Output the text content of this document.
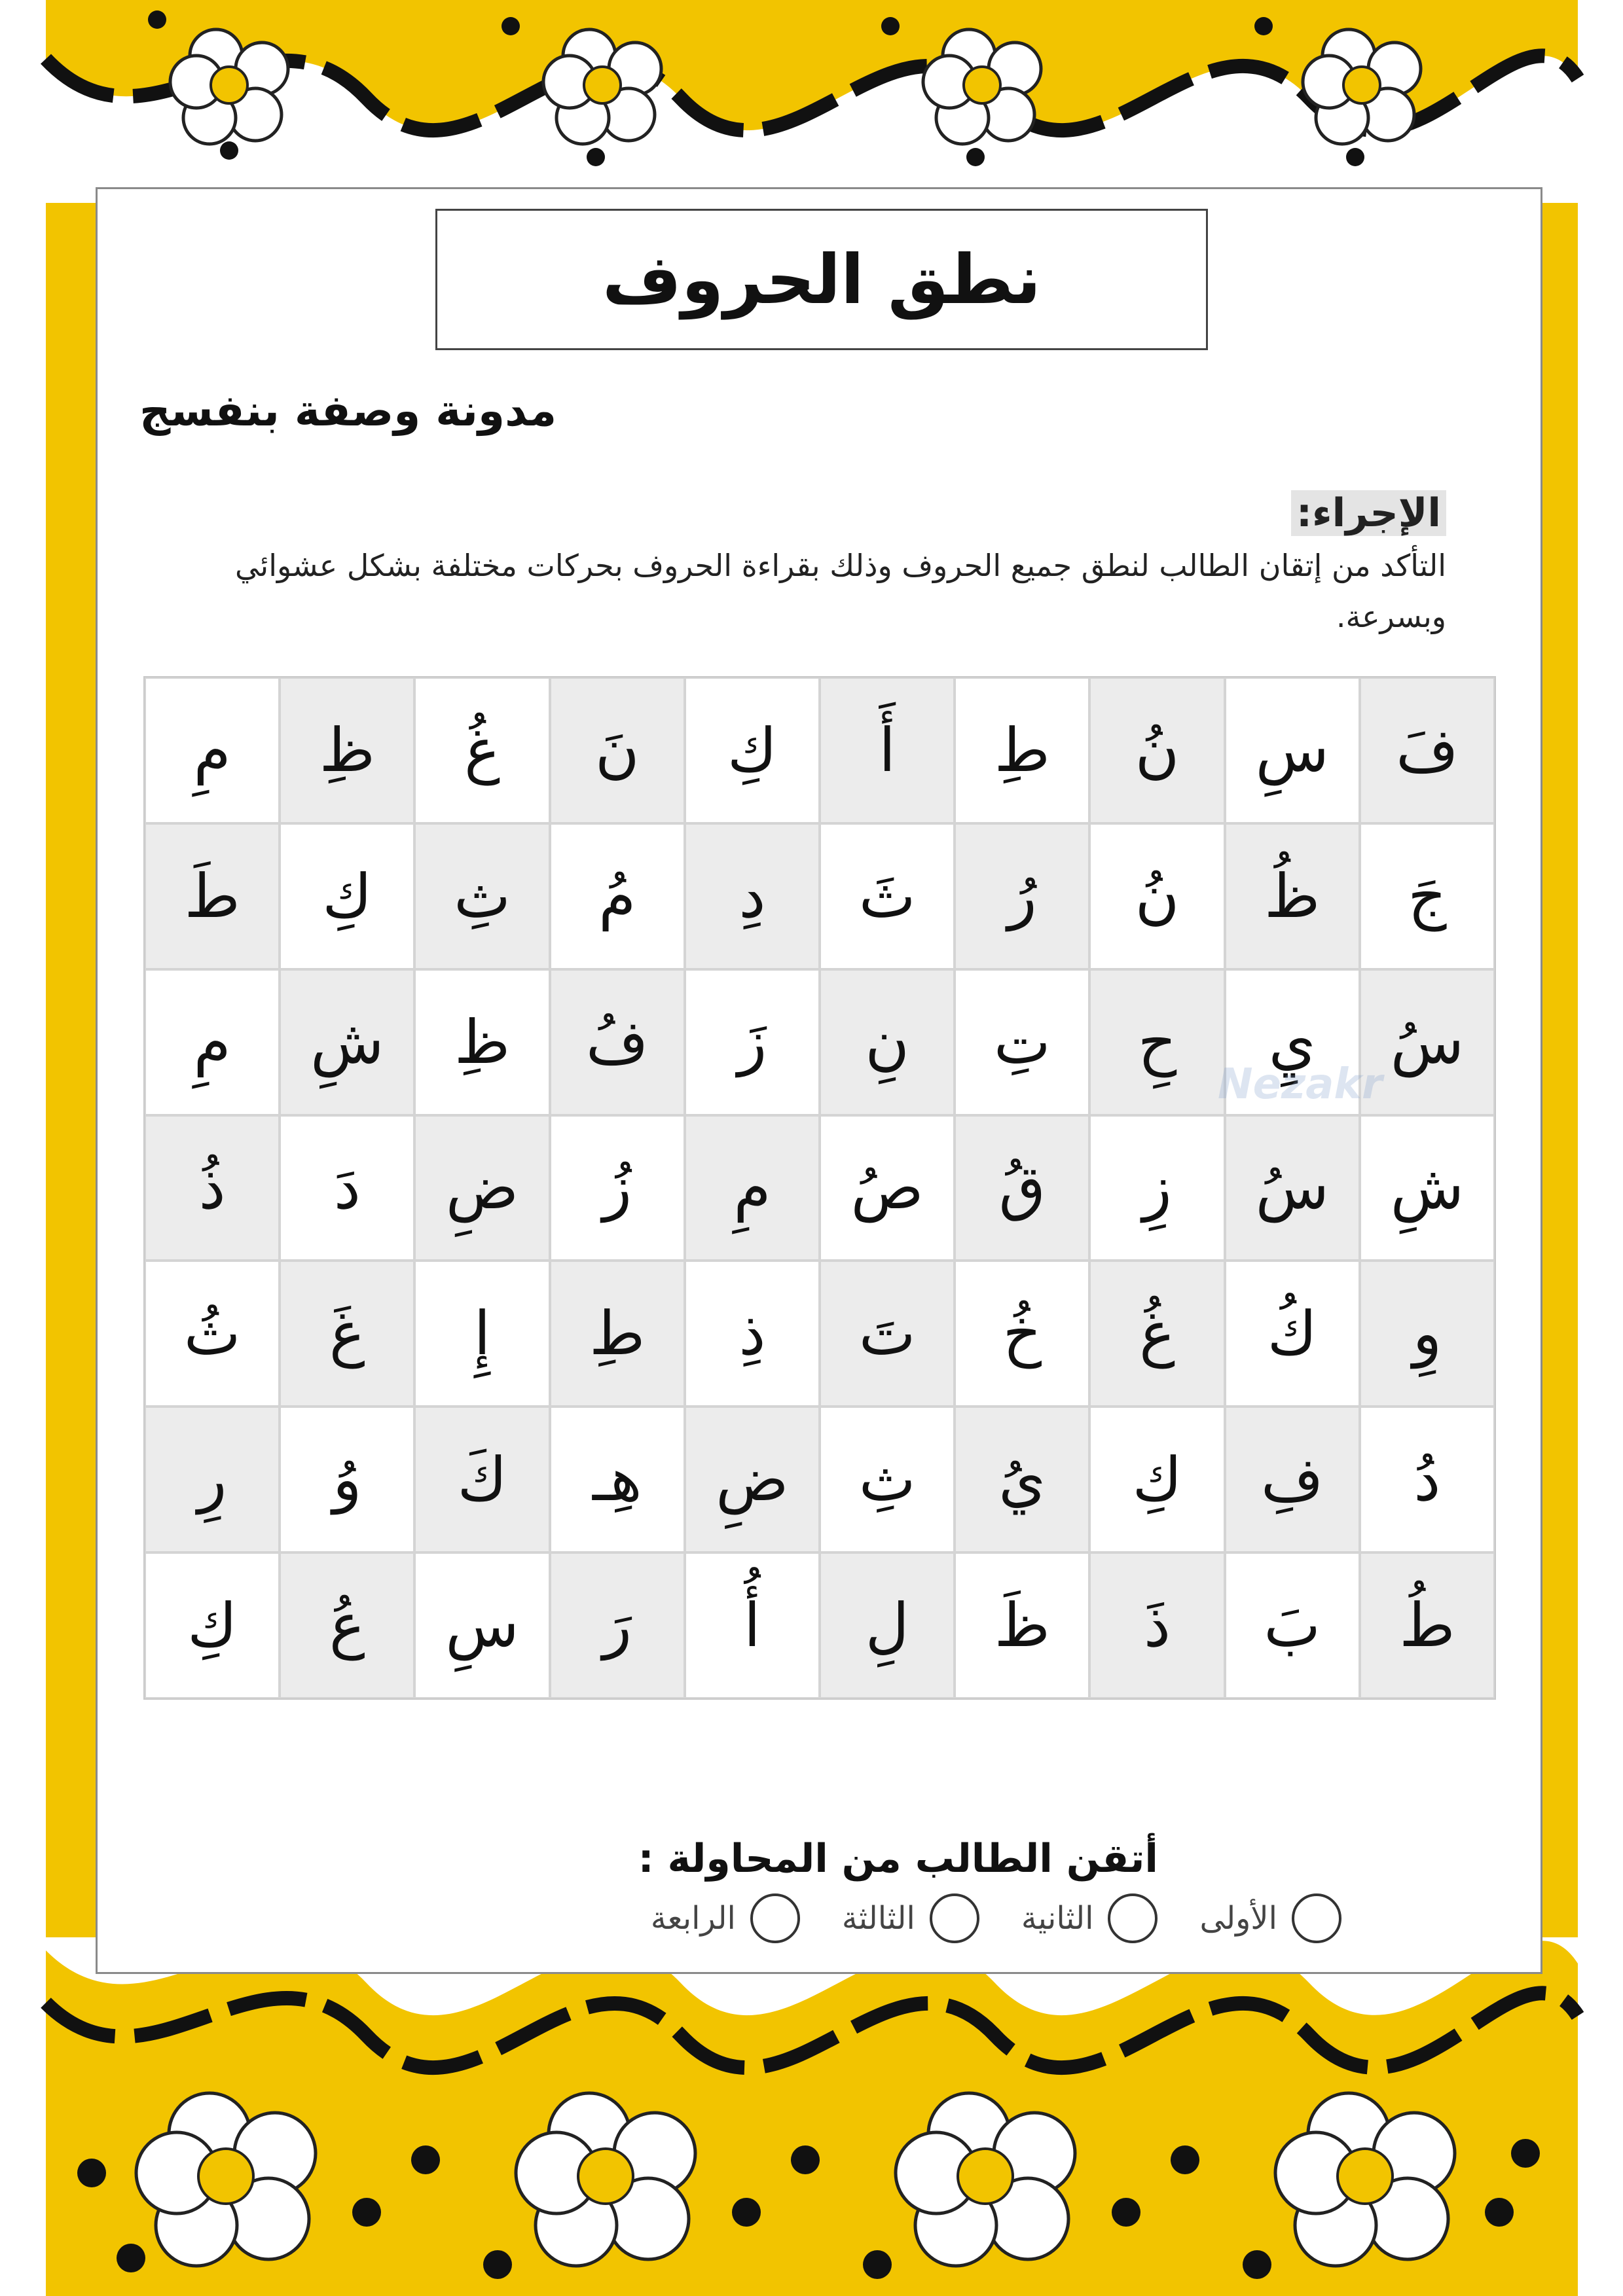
نطق الحروف
مدونة وصفة بنفسج
الإجراء:
التأكد من إتقان الطالب لنطق جميع الحروف وذلك بقراءة الحروف بحركات مختلفة بشكل عشوائي وبسرعة.
فَ
سِ
نُ
طِ
أَ
كِ
نَ
غُ
ظِ
مِ
جَ
ظُ
نُ
رُ
ثَ
دِ
مُ
ثِ
كِ
طَ
سُ
يِ
حِ
تِ
نِ
زَ
فُ
ظِ
شِ
مِ
شِ
سُ
زِ
قُ
صُ
مِ
زُ
ضِ
دَ
ذُ
وِ
كُ
غُ
خُ
تَ
ذِ
طِ
إِ
غَ
ثُ
دُ
فِ
كِ
يُ
ثِ
ضِ
هِـ
كَ
وُ
رِ
طُ
بَ
ذَ
ظَ
لِ
أُ
رَ
سِ
عُ
كِ
أتقن الطالب من المحاولة :
الأولى
الثانية
الثالثة
الرابعة
Nezakr
